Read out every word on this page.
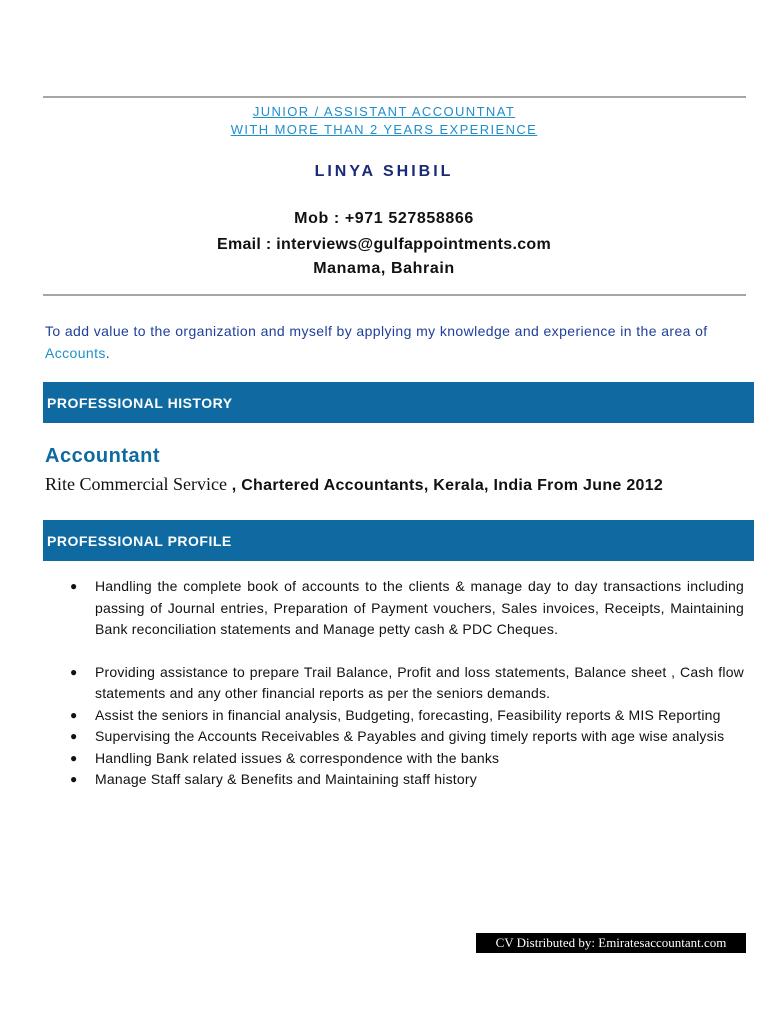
JUNIOR / ASSISTANT ACCOUNTNAT
WITH MORE THAN 2 YEARS EXPERIENCE
LINYA SHIBIL
Mob : +971 527858866
Email : interviews@gulfappointments.com
Manama, Bahrain
To add value to the organization and myself by applying my knowledge and experience in the area of Accounts.
PROFESSIONAL HISTORY
Accountant
Rite Commercial Service , Chartered Accountants, Kerala, India From June 2012
PROFESSIONAL PROFILE
● Handling the complete book of accounts to the clients & manage day to day transactions including passing of Journal entries, Preparation of Payment vouchers, Sales invoices, Receipts, Maintaining Bank reconciliation statements and Manage petty cash & PDC Cheques.
● Providing assistance to prepare Trail Balance, Profit and loss statements, Balance sheet , Cash flow statements and any other financial reports as per the seniors demands.
● Assist the seniors in financial analysis, Budgeting, forecasting, Feasibility reports & MIS Reporting
● Supervising the Accounts Receivables & Payables and giving timely reports with age wise analysis
● Handling Bank related issues & correspondence with the banks
● Manage Staff salary & Benefits and Maintaining staff history
CV Distributed by: Emiratesaccountant.com
